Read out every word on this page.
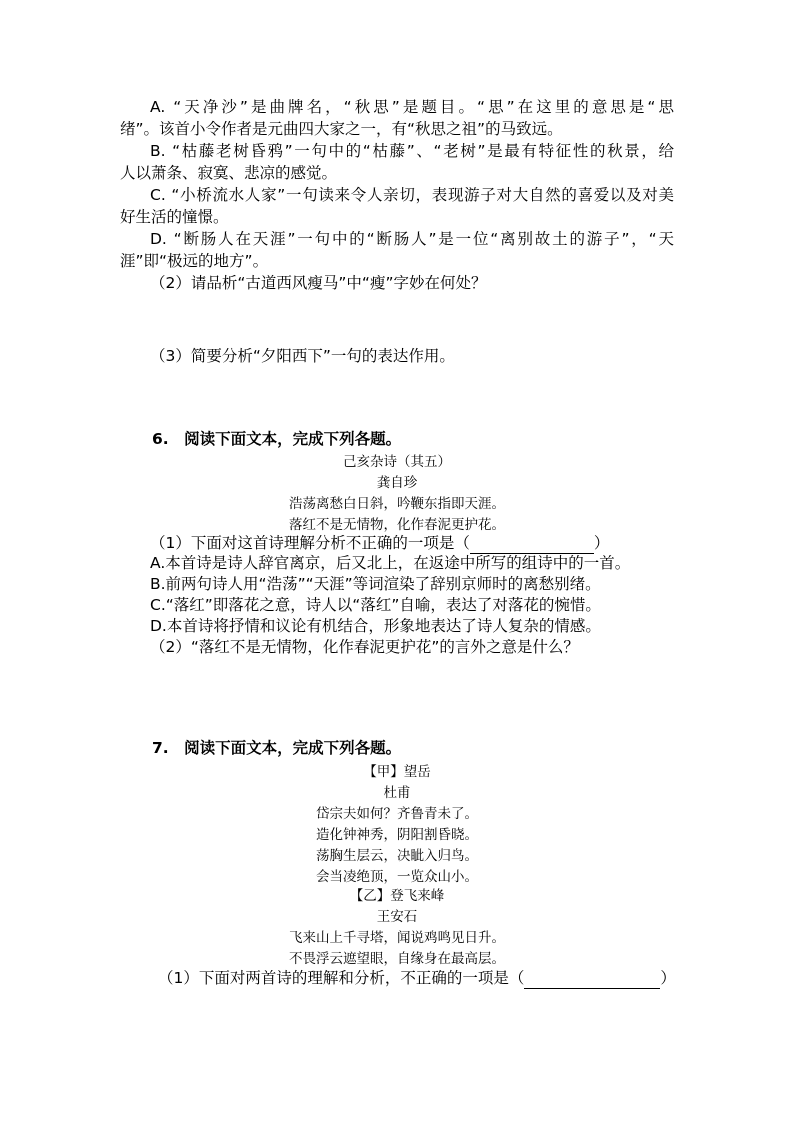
A. “天净沙”是曲牌名，“秋思”是题目。“思”在这里的意思是“思
绪”。该首小令作者是元曲四大家之一，有“秋思之祖”的马致远。
B. “枯藤老树昏鸦”一句中的“枯藤”、“老树”是最有特征性的秋景，给
人以萧条、寂寞、悲凉的感觉。
C. “小桥流水人家”一句读来令人亲切，表现游子对大自然的喜爱以及对美
好生活的憧憬。
D. “断肠人在天涯”一句中的“断肠人”是一位“离别故土的游子”，“天
涯”即“极远的地方”。
（2）请品析“古道西风瘦马”中“瘦”字妙在何处？
（3）简要分析“夕阳西下”一句的表达作用。
6.　阅读下面文本，完成下列各题。
己亥杂诗（其五）
龚自珍
浩荡离愁白日斜，吟鞭东指即天涯。
落红不是无情物，化作春泥更护花。
（1）下面对这首诗理解分析不正确的一项是（	）
A.本首诗是诗人辞官离京，后又北上，在返途中所写的组诗中的一首。
B.前两句诗人用“浩荡”“天涯”等词渲染了辞别京师时的离愁别绪。
C.“落红”即落花之意，诗人以“落红”自喻，表达了对落花的惋惜。
D.本首诗将抒情和议论有机结合，形象地表达了诗人复杂的情感。
（2）“落红不是无情物，化作春泥更护花”的言外之意是什么？
7.　阅读下面文本，完成下列各题。
【甲】望岳
杜甫
岱宗夫如何？齐鲁青未了。
造化钟神秀，阴阳割昏晓。
荡胸生层云，决眦入归鸟。
会当凌绝顶，一览众山小。
【乙】登飞来峰
王安石
飞来山上千寻塔，闻说鸡鸣见日升。
不畏浮云遮望眼，自缘身在最高层。
（1）下面对两首诗的理解和分析，不正确的一项是（	）
